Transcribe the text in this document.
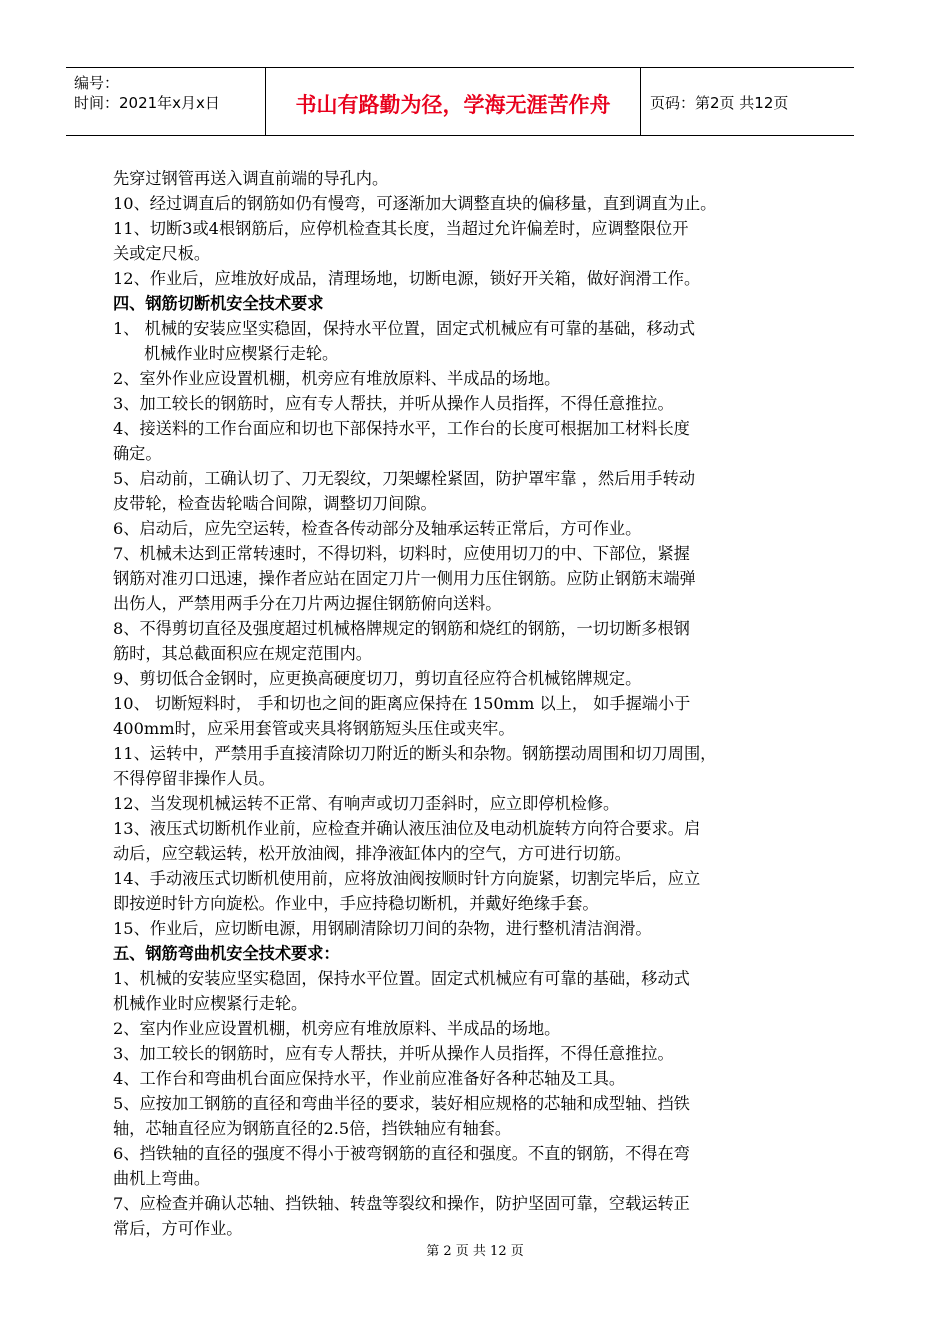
编号：
时间：2021年x月x日	书山有路勤为径，学海无涯苦作舟	页码：第2页 共12页
先穿过钢管再送入调直前端的导孔内。
10、经过调直后的钢筋如仍有慢弯，可逐渐加大调整直块的偏移量，直到调直为止。
11、切断3或4根钢筋后，应停机检查其长度，当超过允许偏差时，应调整限位开
关或定尺板。
12、作业后，应堆放好成品，清理场地，切断电源，锁好开关箱，做好润滑工作。
四、钢筋切断机安全技术要求
1、 机械的安装应坚实稳固，保持水平位置，固定式机械应有可靠的基础，移动式
机械作业时应楔紧行走轮。
2、室外作业应设置机棚，机旁应有堆放原料、半成品的场地。
3、加工较长的钢筋时，应有专人帮扶，并听从操作人员指挥，不得任意推拉。
4、接送料的工作台面应和切也下部保持水平，工作台的长度可根据加工材料长度
确定。
5、启动前，工确认切了、刀无裂纹，刀架螺栓紧固，防护罩牢靠 ，然后用手转动
皮带轮，检查齿轮啮合间隙，调整切刀间隙。
6、启动后，应先空运转，检查各传动部分及轴承运转正常后，方可作业。
7、机械未达到正常转速时，不得切料，切料时，应使用切刀的中、下部位，紧握
钢筋对准刃口迅速，操作者应站在固定刀片一侧用力压住钢筋。应防止钢筋末端弹
出伤人，严禁用两手分在刀片两边握住钢筋俯向送料。
8、不得剪切直径及强度超过机械格牌规定的钢筋和烧红的钢筋，一切切断多根钢
筋时，其总截面积应在规定范围内。
9、剪切低合金钢时，应更换高硬度切刀，剪切直径应符合机械铭牌规定。
10、 切断短料时， 手和切也之间的距离应保持在 150mm 以上， 如手握端小于
400mm时，应采用套管或夹具将钢筋短头压住或夹牢。
11、运转中，严禁用手直接清除切刀附近的断头和杂物。钢筋摆动周围和切刀周围，
不得停留非操作人员。
12、当发现机械运转不正常、有响声或切刀歪斜时，应立即停机检修。
13、液压式切断机作业前，应检查并确认液压油位及电动机旋转方向符合要求。启
动后，应空载运转，松开放油阀，排净液缸体内的空气，方可进行切筋。
14、手动液压式切断机使用前，应将放油阀按顺时针方向旋紧，切割完毕后，应立
即按逆时针方向旋松。作业中，手应持稳切断机，并戴好绝缘手套。
15、作业后，应切断电源，用钢刷清除切刀间的杂物，进行整机清洁润滑。
五、钢筋弯曲机安全技术要求：
1、机械的安装应坚实稳固，保持水平位置。固定式机械应有可靠的基础，移动式
机械作业时应楔紧行走轮。
2、室内作业应设置机棚，机旁应有堆放原料、半成品的场地。
3、加工较长的钢筋时，应有专人帮扶，并听从操作人员指挥，不得任意推拉。
4、工作台和弯曲机台面应保持水平，作业前应准备好各种芯轴及工具。
5、应按加工钢筋的直径和弯曲半径的要求，装好相应规格的芯轴和成型轴、挡铁
轴，芯轴直径应为钢筋直径的2.5倍，挡铁轴应有轴套。
6、挡铁轴的直径的强度不得小于被弯钢筋的直径和强度。不直的钢筋，不得在弯
曲机上弯曲。
7、应检查并确认芯轴、挡铁轴、转盘等裂纹和操作，防护坚固可靠，空载运转正
常后，方可作业。
第 2 页 共 12 页
